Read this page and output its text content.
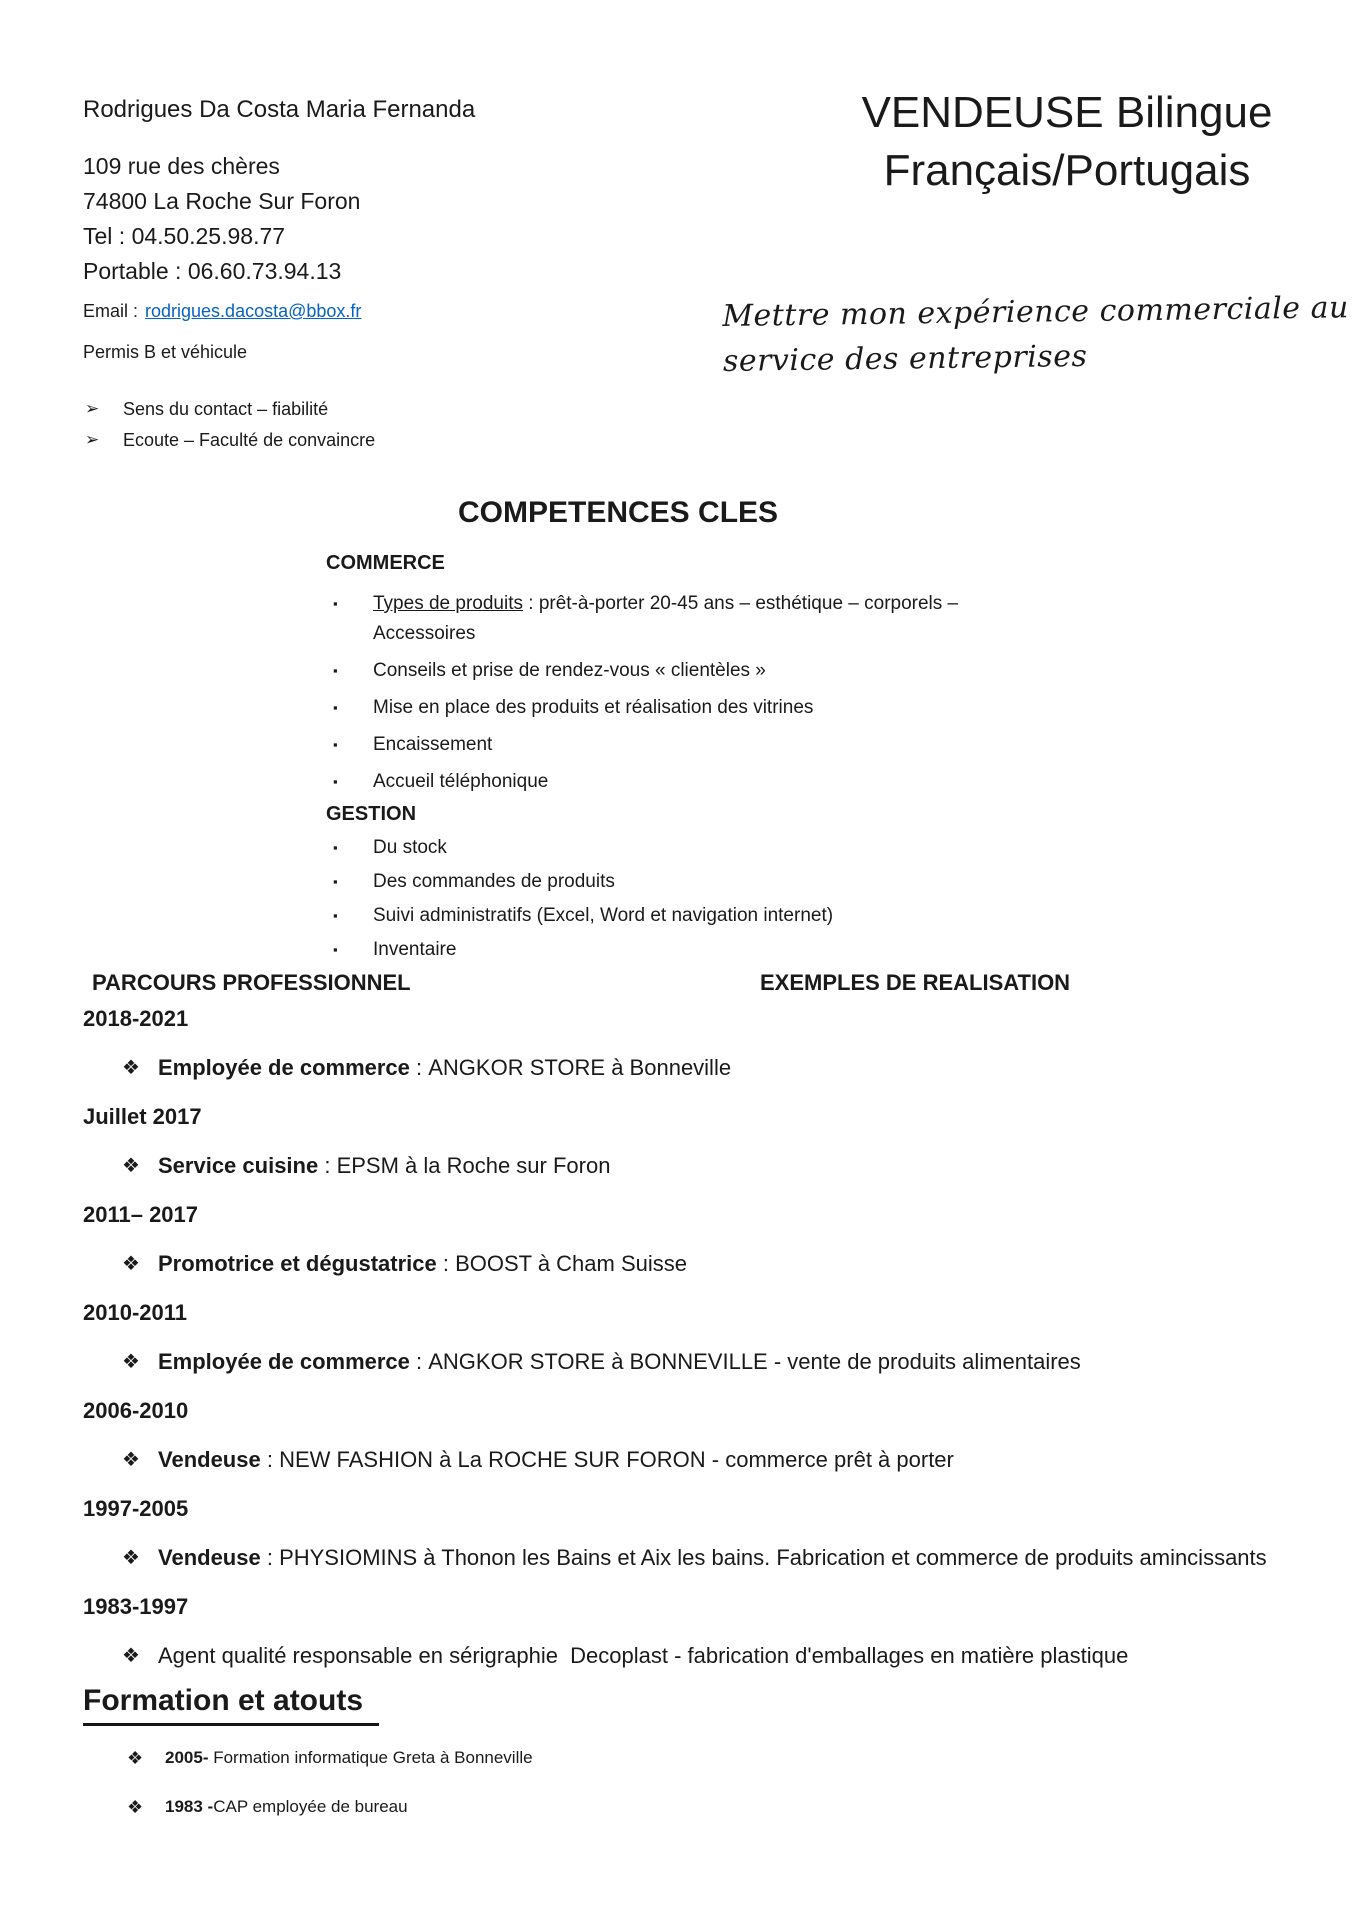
Rodrigues Da Costa Maria Fernanda
109 rue des chères
74800 La Roche Sur Foron
Tel : 04.50.25.98.77
Portable : 06.60.73.94.13
Email : rodrigues.dacosta@bbox.fr
Permis B et véhicule
VENDEUSE Bilingue
Français/Portugais
Mettre mon expérience commerciale au
service des entreprises
➢	Sens du contact – fiabilité
➢	Ecoute – Faculté de convaincre
COMPETENCES CLES
COMMERCE
▪	Types de produits : prêt-à-porter 20-45 ans – esthétique – corporels –
Accessoires
▪	Conseils et prise de rendez-vous « clientèles »
▪	Mise en place des produits et réalisation des vitrines
▪	Encaissement
▪	Accueil téléphonique
GESTION
▪	Du stock
▪	Des commandes de produits
▪	Suivi administratifs (Excel, Word et navigation internet)
▪	Inventaire
PARCOURS PROFESSIONNEL	EXEMPLES DE REALISATION
2018-2021
❖ Employée de commerce : ANGKOR STORE à Bonneville
Juillet 2017
❖ Service cuisine : EPSM à la Roche sur Foron
2011– 2017
❖ Promotrice et dégustatrice : BOOST à Cham Suisse
2010-2011
❖ Employée de commerce : ANGKOR STORE à BONNEVILLE - vente de produits alimentaires
2006-2010
❖ Vendeuse : NEW FASHION à La ROCHE SUR FORON - commerce prêt à porter
1997-2005
❖ Vendeuse : PHYSIOMINS à Thonon les Bains et Aix les bains. Fabrication et commerce de produits amincissants
1983-1997
❖ Agent qualité responsable en sérigraphie  Decoplast - fabrication d'emballages en matière plastique
Formation et atouts
❖	2005- Formation informatique Greta à Bonneville
❖	1983 - CAP employée de bureau
